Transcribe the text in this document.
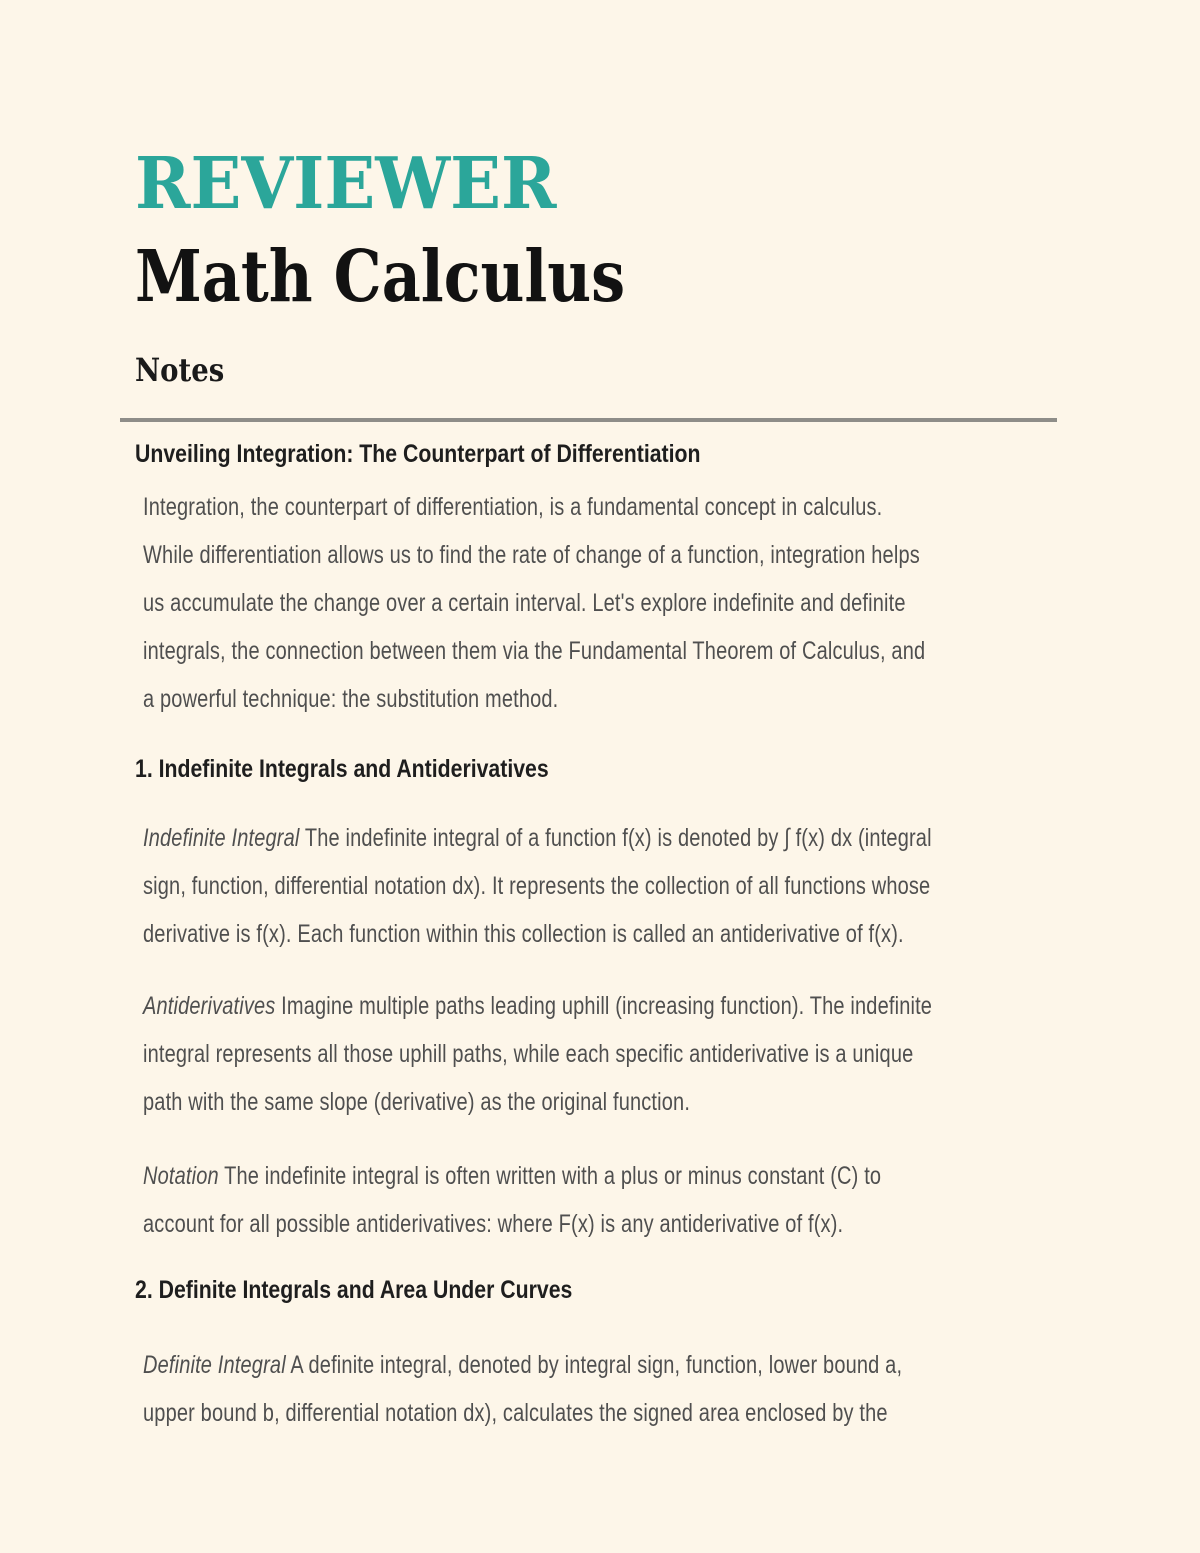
REVIEWER
Math Calculus
Notes
Unveiling Integration: The Counterpart of Differentiation
Integration, the counterpart of differentiation, is a fundamental concept in calculus.
While differentiation allows us to find the rate of change of a function, integration helps
us accumulate the change over a certain interval. Let's explore indefinite and definite
integrals, the connection between them via the Fundamental Theorem of Calculus, and
a powerful technique: the substitution method.
1. Indefinite Integrals and Antiderivatives
Indefinite Integral The indefinite integral of a function f(x) is denoted by ∫ f(x) dx (integral
sign, function, differential notation dx). It represents the collection of all functions whose
derivative is f(x). Each function within this collection is called an antiderivative of f(x).
Antiderivatives Imagine multiple paths leading uphill (increasing function). The indefinite
integral represents all those uphill paths, while each specific antiderivative is a unique
path with the same slope (derivative) as the original function.
Notation The indefinite integral is often written with a plus or minus constant (C) to
account for all possible antiderivatives: where F(x) is any antiderivative of f(x).
2. Definite Integrals and Area Under Curves
Definite Integral A definite integral, denoted by integral sign, function, lower bound a,
upper bound b, differential notation dx), calculates the signed area enclosed by the
